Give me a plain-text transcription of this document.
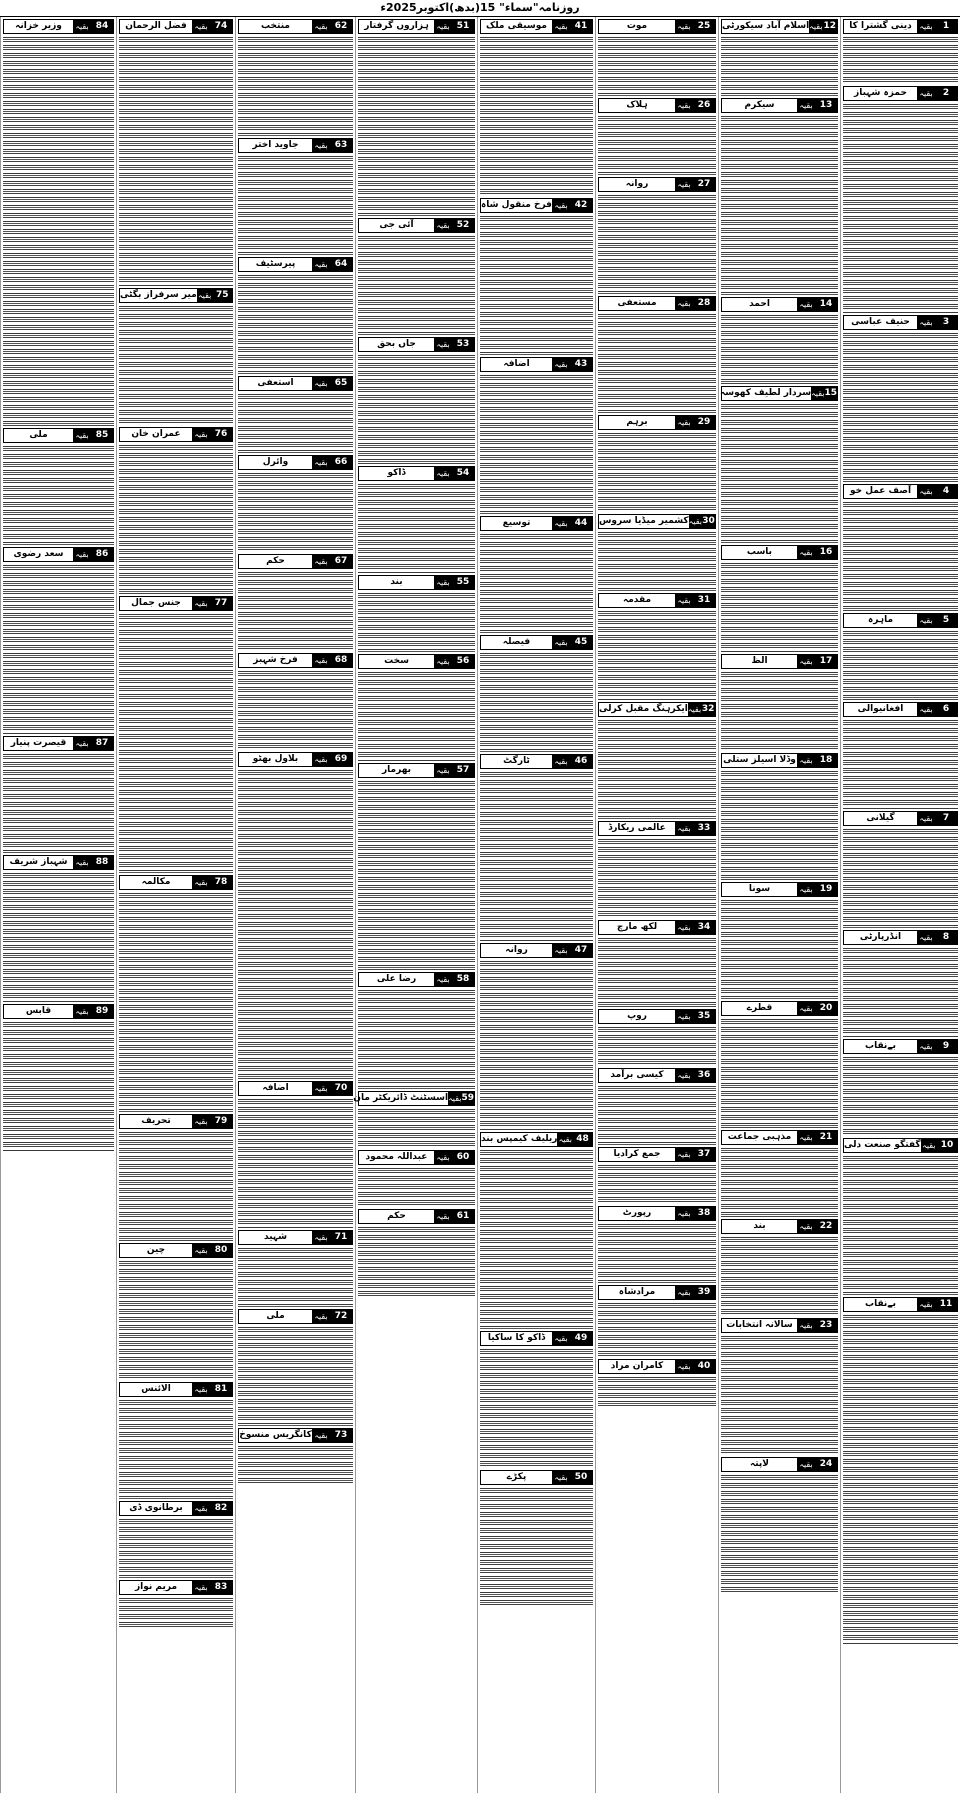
روزنامہ"سماء" 15(بدھ)اکتوبر2025ء
1
بقیہ
دینی گشترا کا
2
بقیہ
حمزہ شہباز
3
بقیہ
حنیف عباسی
4
بقیہ
آصف عمل خو
5
بقیہ
ماہرہ
6
بقیہ
افغانیوالی
7
بقیہ
گیلانی
8
بقیہ
انڈرپارٹی
9
بقیہ
بےنقاب
10
بقیہ
گفتگو صنعت دلی
11
بقیہ
بےنقاب
12
بقیہ
اسلام آباد سیکورٹی
13
بقیہ
سیکرم
14
بقیہ
احمد
15
بقیہ
سردار لطیف کھوسہ
16
بقیہ
باسب
17
بقیہ
الظ
18
بقیہ
وڈلا اسیلز ستلی
19
بقیہ
سونا
20
بقیہ
قطرے
21
بقیہ
مذہبی جماعت
22
بقیہ
بند
23
بقیہ
سالانہ انتخابات
24
بقیہ
لاپتہ
25
بقیہ
موت
26
بقیہ
ہلاک
27
بقیہ
روانہ
28
بقیہ
مستعفی
29
بقیہ
برہم
30
بقیہ
کشمیر میڈیا سروس
31
بقیہ
مقدمہ
32
بقیہ
ایکرہنگ مقبل کرلی
33
بقیہ
عالمی ریکارڈ
34
بقیہ
لکھ مارچ
35
بقیہ
روپ
36
بقیہ
کیسی برآمد
37
بقیہ
جمع کرادیا
38
بقیہ
رپورٹ
39
بقیہ
مرادشاہ
40
بقیہ
کامران مراد
41
بقیہ
موسیقی ملک
42
بقیہ
فرخ منقول شاہ
43
بقیہ
اضافہ
44
بقیہ
توسیع
45
بقیہ
فیصلہ
46
بقیہ
ٹارگٹ
47
بقیہ
روانہ
48
بقیہ
ریلیف کیمپس بند
49
بقیہ
ڈاکو کا ساکیا
50
بقیہ
پکڑے
51
بقیہ
ہزاروں گرفتار
52
بقیہ
آئی جی
53
بقیہ
جاں بحق
54
بقیہ
ڈاکو
55
بقیہ
بند
56
بقیہ
سخت
57
بقیہ
بھرمار
58
بقیہ
رضا علی
59
بقیہ
اسسٹنٹ ڈائریکٹر مان
60
بقیہ
عبداللہ محمود
61
بقیہ
حکم
62
بقیہ
منتخب
63
بقیہ
جاوید اختر
64
بقیہ
پیرسٹیف
65
بقیہ
استعفی
66
بقیہ
وائرل
67
بقیہ
حکم
68
بقیہ
فرخ شہبز
69
بقیہ
بلاول بھٹو
70
بقیہ
اضافہ
71
بقیہ
شہید
72
بقیہ
ملی
73
بقیہ
کانگریس منسوخ
74
بقیہ
فضل الرحمان
75
بقیہ
میر سرفراز بگٹی
76
بقیہ
عمران خان
77
بقیہ
جنس جمال
78
بقیہ
مکالمہ
79
بقیہ
تحریف
80
بقیہ
چین
81
بقیہ
الائنس
82
بقیہ
برطانوی ڈی
83
بقیہ
مریم نواز
84
بقیہ
وزیر خزانہ
85
بقیہ
ملی
86
بقیہ
سعد رضوی
87
بقیہ
قیصرت پنیار
88
بقیہ
شہباز شریف
89
بقیہ
قابس
